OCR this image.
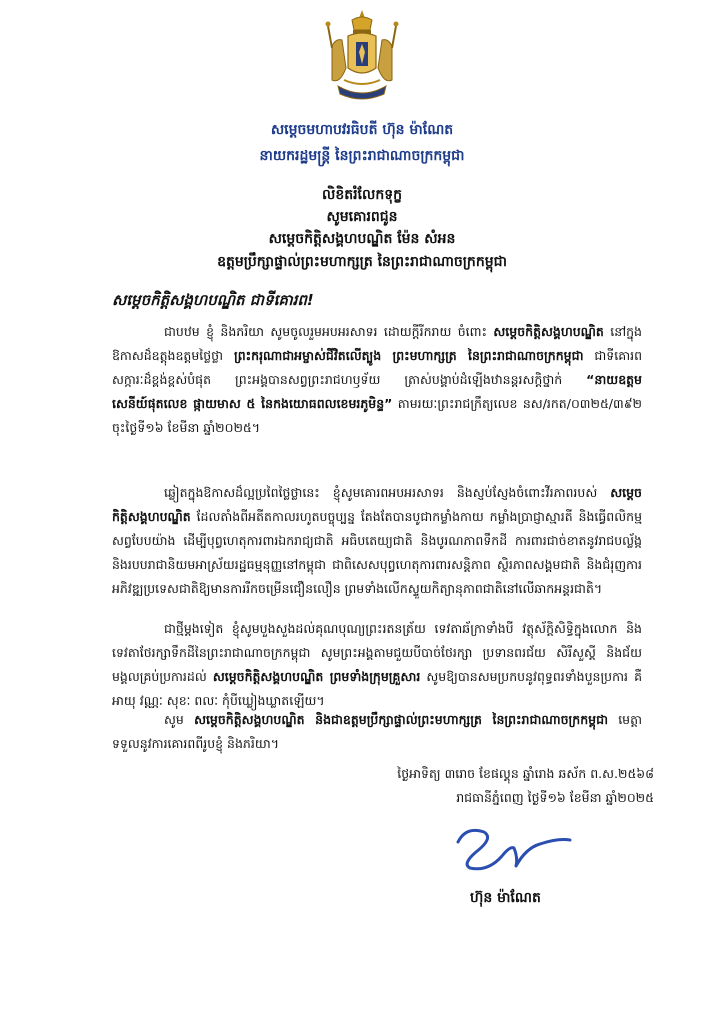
សម្តេចមហាបវរធិបតី ហ៊ុន ម៉ាណែត
នាយករដ្ឋមន្ត្រី នៃព្រះរាជាណាចក្រកម្ពុជា
លិខិតរំលែកទុក្ខ
សូមគោរពជូន
សម្តេចកិត្តិសង្គហបណ្ឌិត ម៉ែន សំអន
ឧត្តមប្រឹក្សាផ្ទាល់ព្រះមហាក្សត្រ នៃព្រះរាជាណាចក្រកម្ពុជា
សម្តេចកិត្តិសង្គហបណ្ឌិត ជាទីគោរព!

ជាបឋម ខ្ញុំ និងភរិយា សូមចូលរួមអបអរសាទរ ដោយក្តីរីករាយ ចំពោះ សម្តេចកិត្តិសង្គហបណ្ឌិត នៅក្នុងឱកាសដ៏ឧត្តុងឧត្តមថ្លៃថ្លា ព្រះករុណាជាអម្ចាស់ជីវិតលើត្បូង ព្រះមហាក្សត្រ នៃព្រះរាជាណាចក្រកម្ពុជា ជាទីគោរពសក្ការៈដ៏ខ្ពង់ខ្ពស់បំផុត ព្រះអង្គបានសព្វព្រះរាជហឫទ័យ ត្រាស់បង្គាប់ដំឡើងឋានន្តរសក្តិថ្នាក់ “នាយឧត្តមសេនីយ៍ផុតលេខ ផ្កាយមាស ៥ នៃកងយោធពលខេមរភូមិន្ទ” តាមរយៈព្រះរាជក្រឹត្យលេខ នស/រកត/០៣២៥/៣៩២ ចុះថ្ងៃទី១៦ ខែមីនា ឆ្នាំ២០២៥។

ឆ្លៀតក្នុងឱកាសដ៏ល្អប្រពៃថ្លៃថ្លានេះ ខ្ញុំសូមគោរពអបអរសាទរ និងស្ញប់ស្ញែងចំពោះវីរភាពរបស់ សម្តេចកិត្តិសង្គហបណ្ឌិត ដែលតាំងពីអតីតកាលរហូតបច្ចុប្បន្ន តែងតែបានបូជាកម្លាំងកាយ កម្លាំងប្រាជ្ញាស្មារតី និងធ្វើពលិកម្មសព្វបែបយ៉ាង ដើម្បីបុព្វហេតុការពារឯករាជ្យជាតិ អធិបតេយ្យជាតិ និងបូរណភាពទឹកដី ការពារជាច់ខាតនូវរាជបល្ល័ង្ក និងរបបរាជានិយមអាស្រ័យរដ្ឋធម្មនុញ្ញនៅកម្ពុជា ជាពិសេសបុព្វហេតុការពារសន្តិភាព ស្ថិរភាពសង្គមជាតិ និងជំរុញការអភិវឌ្ឍប្រទេសជាតិឱ្យមានការរីកចម្រើនជឿនលឿន ព្រមទាំងលើកស្ទួយកិត្យានុភាពជាតិនៅលើឆាកអន្តរជាតិ។

ជាថ្មីម្តងទៀត ខ្ញុំសូមបួងសួងដល់គុណបុណ្យព្រះរតនត្រ័យ ទេវតាឆ័ក្រាទាំងបី វត្ថុស័ក្តិសិទ្ធិក្នុងលោក និងទេវតាថែរក្សាទឹកដីនៃព្រះរាជាណាចក្រកម្ពុជា សូមព្រះអង្គតាមជួយបីបាច់ថែរក្សា ប្រទានពរជ័យ សិរីសួស្តី និងជ័យមង្គលគ្រប់ប្រការដល់ សម្តេចកិត្តិសង្គហបណ្ឌិត ព្រមទាំងក្រុមគ្រួសារ សូមឱ្យបានសមប្រកបនូវពុទ្ធពរទាំងបួនប្រការ គឺអាយុ វណ្ណៈ សុខៈ ពលៈ កុំបីឃ្លៀងឃ្លាតឡើយ។

សូម សម្តេចកិត្តិសង្គហបណ្ឌិត និងជាឧត្តមប្រឹក្សាផ្ទាល់ព្រះមហាក្សត្រ នៃព្រះរាជាណាចក្រកម្ពុជា មេត្តាទទួលនូវការគោរពពីរូបខ្ញុំ និងភរិយា។

ថ្ងៃអាទិត្យ ៣រោច ខែផល្គុន ឆ្នាំរោង ឆស័ក ព.ស.២៥៦៨
រាជធានីភ្នំពេញ ថ្ងៃទី១៦ ខែមីនា ឆ្នាំ២០២៥
ហ៊ុន ម៉ាណែត
